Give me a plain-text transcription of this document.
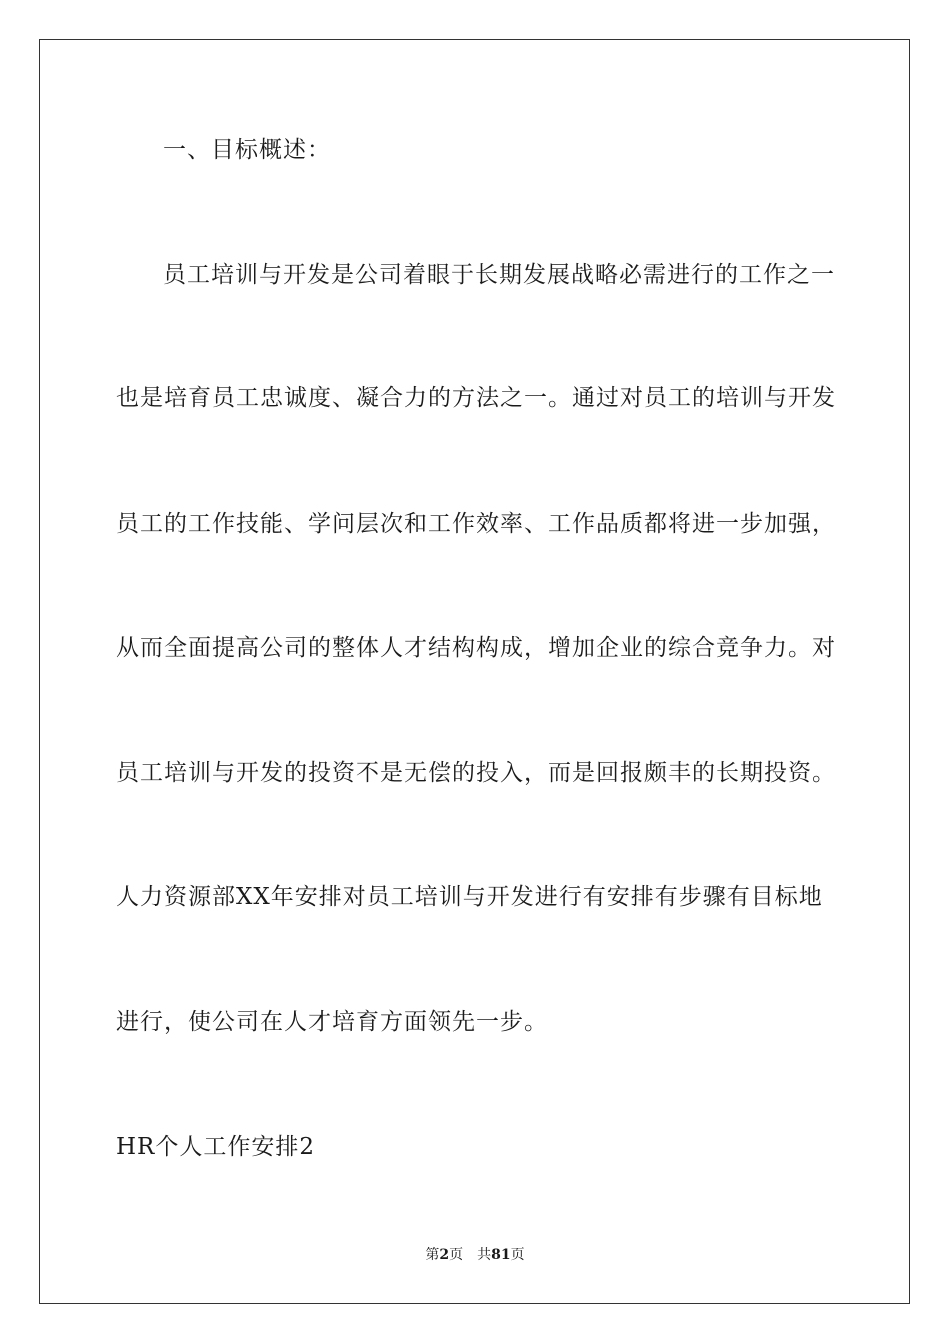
一、目标概述：
员工培训与开发是公司着眼于长期发展战略必需进行的工作之一
也是培育员工忠诚度、凝合力的方法之一。通过对员工的培训与开发
员工的工作技能、学问层次和工作效率、工作品质都将进一步加强，
从而全面提高公司的整体人才结构构成，增加企业的综合竞争力。对
员工培训与开发的投资不是无偿的投入，而是回报颇丰的长期投资。
人力资源部XX年安排对员工培训与开发进行有安排有步骤有目标地
进行，使公司在人才培育方面领先一步。
HR个人工作安排2
第2页 共81页
